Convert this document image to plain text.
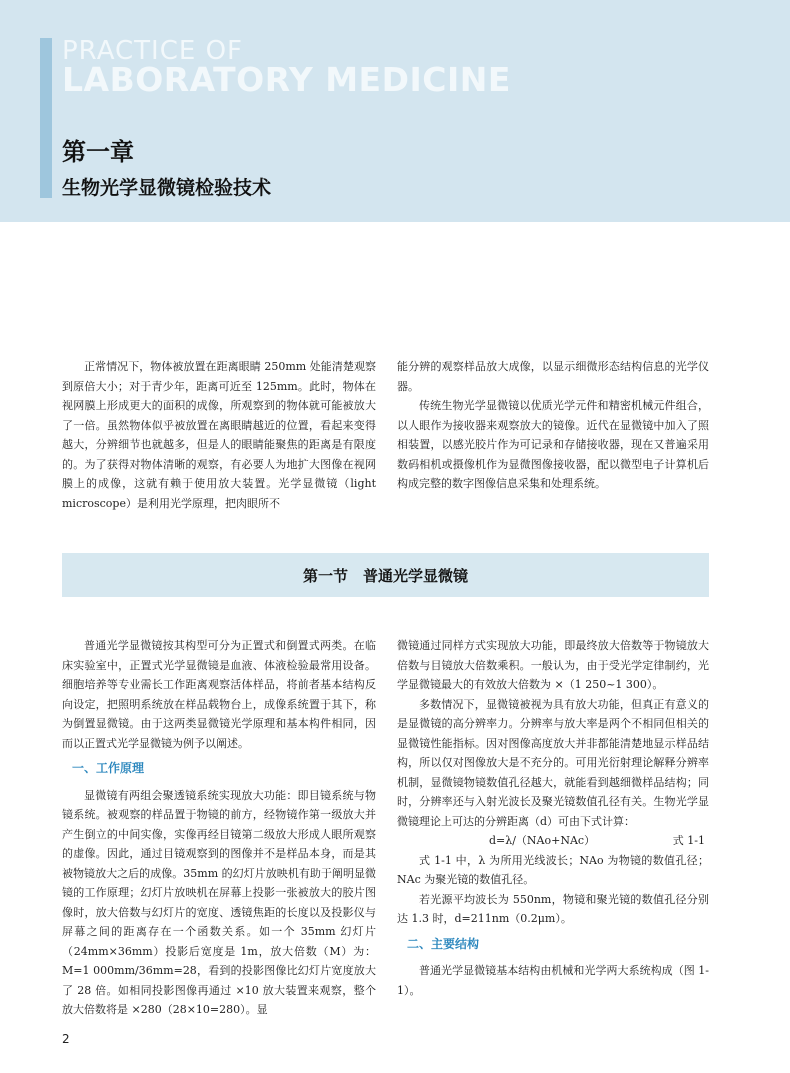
PRACTICE OF
LABORATORY MEDICINE
第一章
生物光学显微镜检验技术

正常情况下，物体被放置在距离眼睛 250mm 处能清楚观察到原倍大小；对于青少年，距离可近至 125mm。此时，物体在视网膜上形成更大的面积的成像，所观察到的物体就可能被放大了一倍。虽然物体似乎被放置在离眼睛越近的位置，看起来变得越大，分辨细节也就越多，但是人的眼睛能聚焦的距离是有限度的。为了获得对物体清晰的观察，有必要人为地扩大图像在视网膜上的成像，这就有赖于使用放大装置。光学显微镜（light microscope）是利用光学原理，把肉眼所不

能分辨的观察样品放大成像，以显示细微形态结构信息的光学仪器。

传统生物光学显微镜以优质光学元件和精密机械元件组合，以人眼作为接收器来观察放大的镜像。近代在显微镜中加入了照相装置，以感光胶片作为可记录和存储接收器，现在又普遍采用数码相机或摄像机作为显微图像接收器，配以微型电子计算机后构成完整的数字图像信息采集和处理系统。

第一节　普通光学显微镜

普通光学显微镜按其构型可分为正置式和倒置式两类。在临床实验室中，正置式光学显微镜是血液、体液检验最常用设备。细胞培养等专业需长工作距离观察活体样品，将前者基本结构反向设定，把照明系统放在样品载物台上，成像系统置于其下，称为倒置显微镜。由于这两类显微镜光学原理和基本构件相同，因而以正置式光学显微镜为例予以阐述。

一、工作原理

显微镜有两组会聚透镜系统实现放大功能：即目镜系统与物镜系统。被观察的样品置于物镜的前方，经物镜作第一级放大并产生倒立的中间实像，实像再经目镜第二级放大形成人眼所观察的虚像。因此，通过目镜观察到的图像并不是样品本身，而是其被物镜放大之后的成像。35mm 的幻灯片放映机有助于阐明显微镜的工作原理；幻灯片放映机在屏幕上投影一张被放大的胶片图像时，放大倍数与幻灯片的宽度、透镜焦距的长度以及投影仪与屏幕之间的距离存在一个函数关系。如一个 35mm 幻灯片（24mm×36mm）投影后宽度是 1m，放大倍数（M）为：M=1 000mm/36mm=28，看到的投影图像比幻灯片宽度放大了 28 倍。如相同投影图像再通过 ×10 放大装置来观察，整个放大倍数将是 ×280（28×10=280）。显

微镜通过同样方式实现放大功能，即最终放大倍数等于物镜放大倍数与目镜放大倍数乘积。一般认为，由于受光学定律制约，光学显微镜最大的有效放大倍数为 ×（1 250~1 300）。

多数情况下，显微镜被视为具有放大功能，但真正有意义的是显微镜的高分辨率力。分辨率与放大率是两个不相同但相关的显微镜性能指标。因对图像高度放大并非都能清楚地显示样品结构，所以仅对图像放大是不充分的。可用光衍射理论解释分辨率机制，显微镜物镜数值孔径越大，就能看到越细微样品结构；同时，分辨率还与入射光波长及聚光镜数值孔径有关。生物光学显微镜理论上可达的分辨距离（d）可由下式计算：

d=λ/（NAo+NAc）	式 1-1

式 1-1 中，λ 为所用光线波长；NAo 为物镜的数值孔径；NAc 为聚光镜的数值孔径。

若光源平均波长为 550nm，物镜和聚光镜的数值孔径分别达 1.3 时，d=211nm（0.2μm）。

二、主要结构

普通光学显微镜基本结构由机械和光学两大系统构成（图 1-1）。

2
